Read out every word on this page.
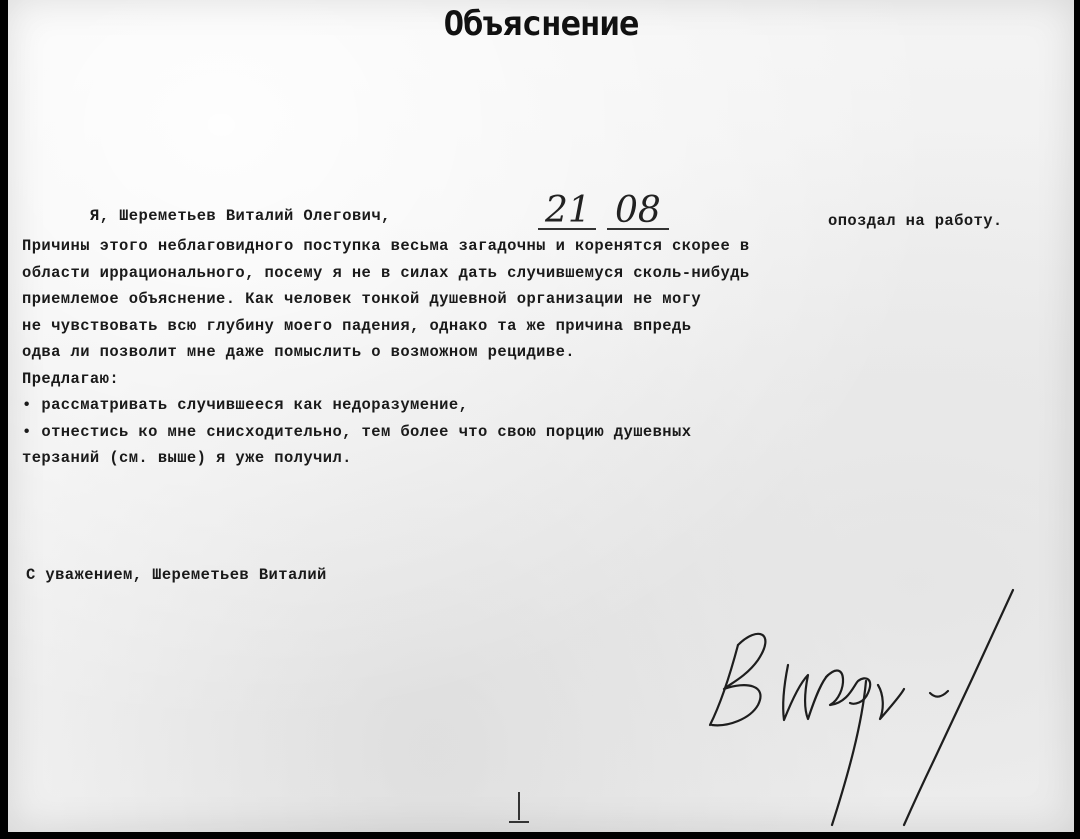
Объяснение
Я, Шереметьев Виталий Олегович,	21 08	опоздал на работу.
Причины этого неблаговидного поступка весьма загадочны и коренятся скорее в
области иррационального, посему я не в силах дать случившемуся сколь-нибудь
приемлемое объяснение. Как человек тонкой душевной организации не могу
не чувствовать всю глубину моего падения, однако та же причина впредь
одва ли позволит мне даже помыслить о возможном рецидиве.
Предлагаю:
• рассматривать случившееся как недоразумение,
• отнестись ко мне снисходительно, тем более что свою порцию душевных
терзаний (см. выше) я уже получил.
С уважением, Шереметьев Виталий
